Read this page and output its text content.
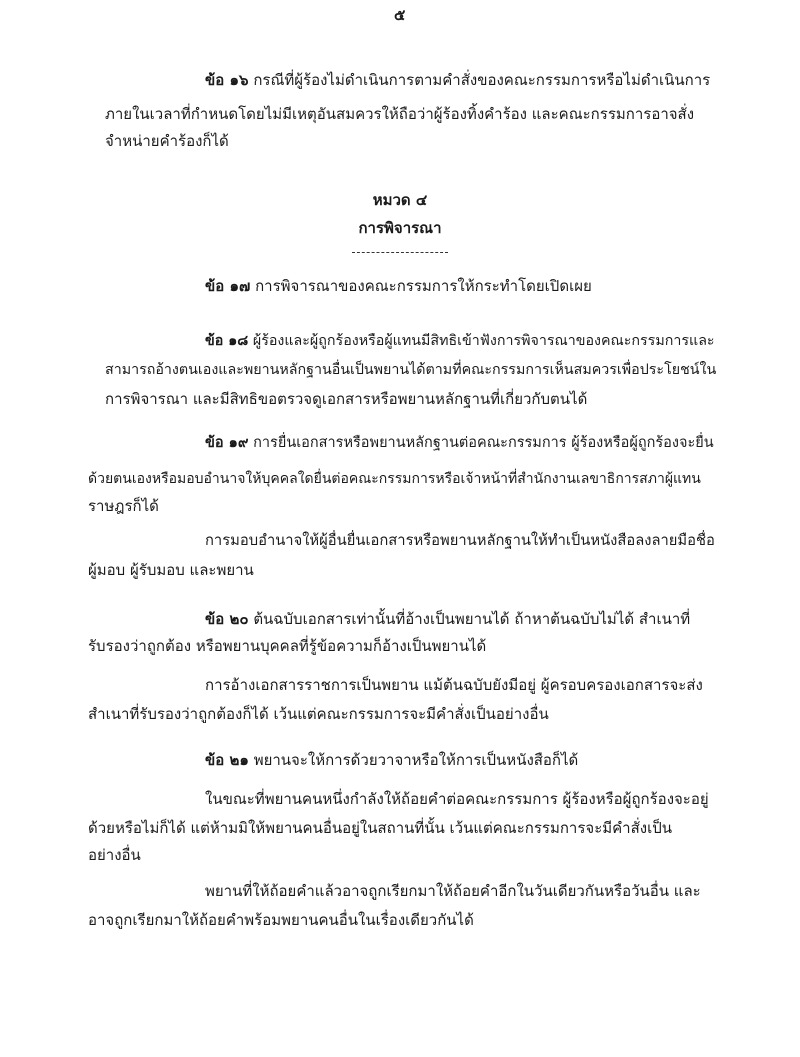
๕
ข้อ ๑๖ กรณีที่ผู้ร้องไม่ดำเนินการตามคำสั่งของคณะกรรมการหรือไม่ดำเนินการ
ภายในเวลาที่กำหนดโดยไม่มีเหตุอันสมควรให้ถือว่าผู้ร้องทิ้งคำร้อง และคณะกรรมการอาจสั่ง
จำหน่ายคำร้องก็ได้
หมวด ๔
การพิจารณา
ข้อ ๑๗ การพิจารณาของคณะกรรมการให้กระทำโดยเปิดเผย
ข้อ ๑๘ ผู้ร้องและผู้ถูกร้องหรือผู้แทนมีสิทธิเข้าฟังการพิจารณาของคณะกรรมการและ
สามารถอ้างตนเองและพยานหลักฐานอื่นเป็นพยานได้ตามที่คณะกรรมการเห็นสมควรเพื่อประโยชน์ใน
การพิจารณา และมีสิทธิขอตรวจดูเอกสารหรือพยานหลักฐานที่เกี่ยวกับตนได้
ข้อ ๑๙ การยื่นเอกสารหรือพยานหลักฐานต่อคณะกรรมการ ผู้ร้องหรือผู้ถูกร้องจะยื่น
ด้วยตนเองหรือมอบอำนาจให้บุคคลใดยื่นต่อคณะกรรมการหรือเจ้าหน้าที่สำนักงานเลขาธิการสภาผู้แทน
ราษฎรก็ได้
การมอบอำนาจให้ผู้อื่นยื่นเอกสารหรือพยานหลักฐานให้ทำเป็นหนังสือลงลายมือชื่อ
ผู้มอบ ผู้รับมอบ และพยาน
ข้อ ๒๐ ต้นฉบับเอกสารเท่านั้นที่อ้างเป็นพยานได้ ถ้าหาต้นฉบับไม่ได้ สำเนาที่
รับรองว่าถูกต้อง หรือพยานบุคคลที่รู้ข้อความก็อ้างเป็นพยานได้
การอ้างเอกสารราชการเป็นพยาน แม้ต้นฉบับยังมีอยู่ ผู้ครอบครองเอกสารจะส่ง
สำเนาที่รับรองว่าถูกต้องก็ได้ เว้นแต่คณะกรรมการจะมีคำสั่งเป็นอย่างอื่น
ข้อ ๒๑ พยานจะให้การด้วยวาจาหรือให้การเป็นหนังสือก็ได้
ในขณะที่พยานคนหนึ่งกำลังให้ถ้อยคำต่อคณะกรรมการ ผู้ร้องหรือผู้ถูกร้องจะอยู่
ด้วยหรือไม่ก็ได้ แต่ห้ามมิให้พยานคนอื่นอยู่ในสถานที่นั้น เว้นแต่คณะกรรมการจะมีคำสั่งเป็น
อย่างอื่น
พยานที่ให้ถ้อยคำแล้วอาจถูกเรียกมาให้ถ้อยคำอีกในวันเดียวกันหรือวันอื่น และ
อาจถูกเรียกมาให้ถ้อยคำพร้อมพยานคนอื่นในเรื่องเดียวกันได้
